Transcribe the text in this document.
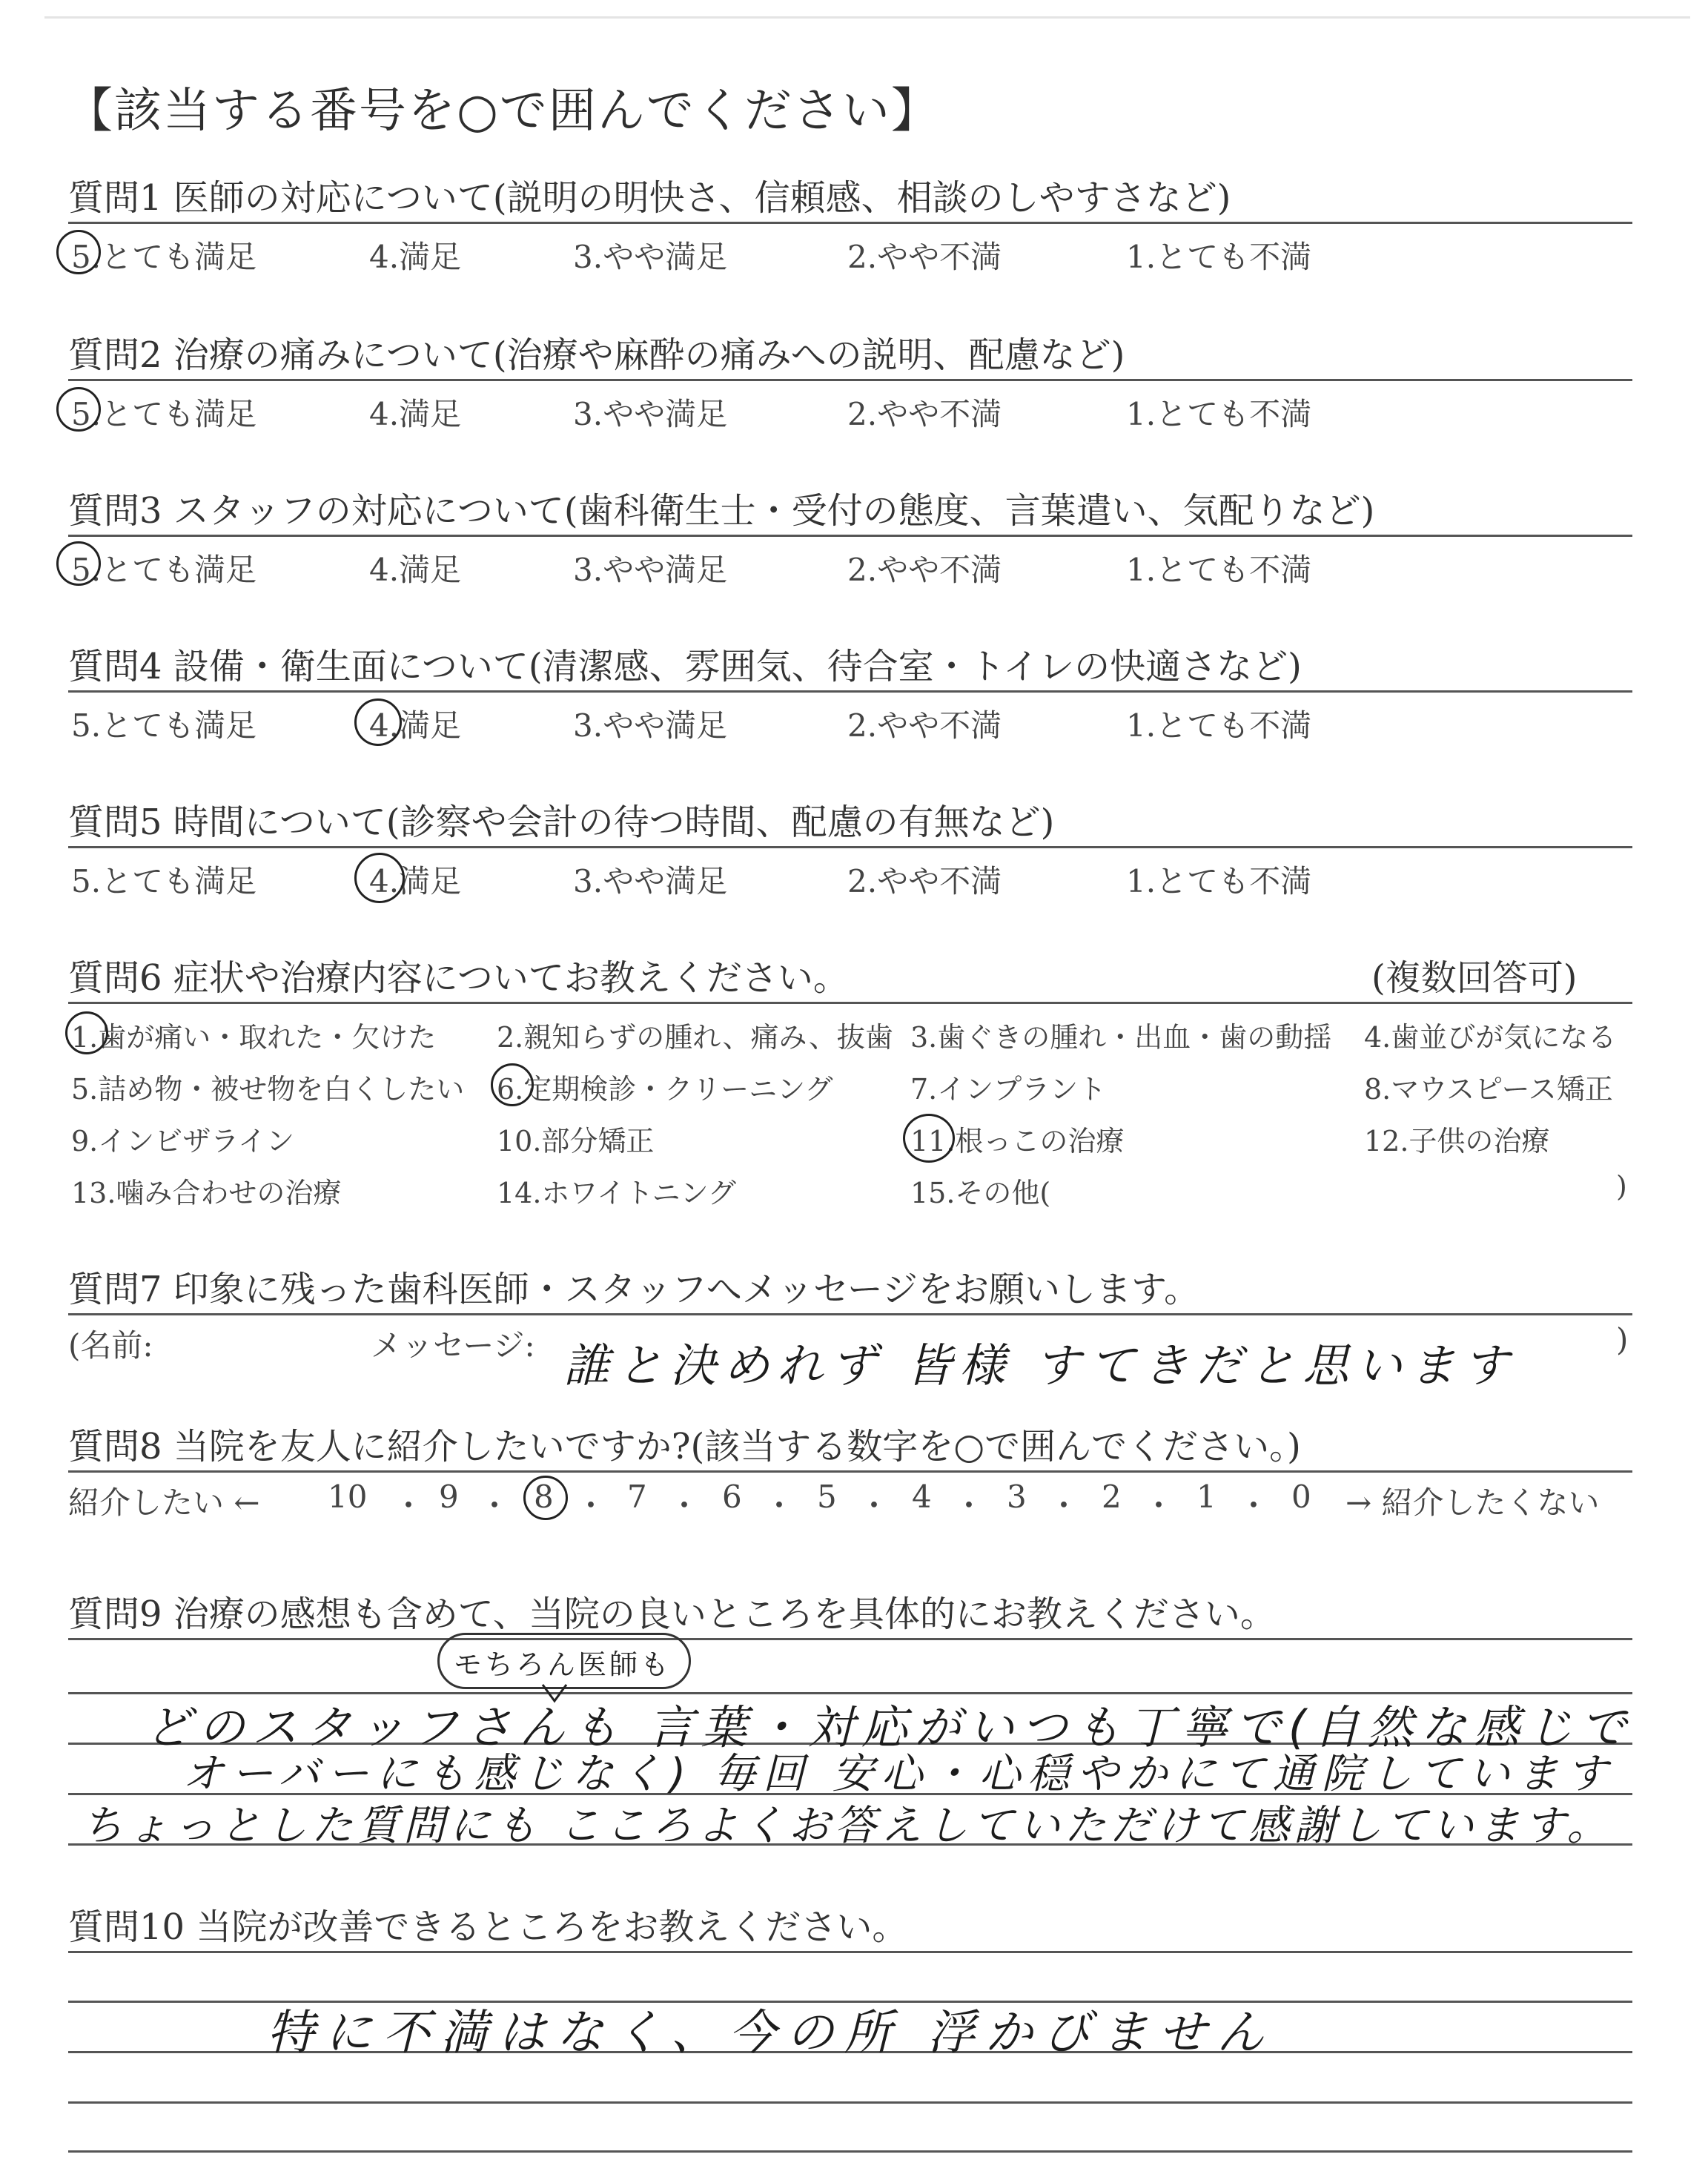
【該当する番号を○で囲んでください】
質問1 医師の対応について(説明の明快さ、信頼感、相談のしやすさなど)
5.とても満足	4.満足	3.やや満足	2.やや不満	1.とても不満
質問2 治療の痛みについて(治療や麻酔の痛みへの説明、配慮など)
5.とても満足	4.満足	3.やや満足	2.やや不満	1.とても不満
質問3 スタッフの対応について(歯科衛生士・受付の態度、言葉遣い、気配りなど)
5.とても満足	4.満足	3.やや満足	2.やや不満	1.とても不満
質問4 設備・衛生面について(清潔感、雰囲気、待合室・トイレの快適さなど)
5.とても満足	4.満足	3.やや満足	2.やや不満	1.とても不満
質問5 時間について(診察や会計の待つ時間、配慮の有無など)
5.とても満足	4.満足	3.やや満足	2.やや不満	1.とても不満
質問6 症状や治療内容についてお教えください。	(複数回答可)
1.歯が痛い・取れた・欠けた 2.親知らずの腫れ、痛み、抜歯 3.歯ぐきの腫れ・出血・歯の動揺 4.歯並びが気になる
5.詰め物・被せ物を白くしたい 6.定期検診・クリーニング	7.インプラント	8.マウスピース矯正
9.インビザライン	10.部分矯正	11.根っこの治療	12.子供の治療
13.噛み合わせの治療	14.ホワイトニング	15.その他(	)
質問7 印象に残った歯科医師・スタッフへメッセージをお願いします。
(名前:	メッセージ:	)
誰と決めれず 皆様 すてきだと思います
質問8 当院を友人に紹介したいですか?(該当する数字を○で囲んでください。)
紹介したい ←	→ 紹介したくない
10 ・ 9 ・ 8 ・ 7 ・ 6 ・ 5 ・ 4 ・ 3 ・ 2 ・ 1 ・ 0
質問9 治療の感想も含めて、当院の良いところを具体的にお教えください。
モちろん医師も
どのスタッフさんも 言葉・対応がいつも丁寧で(自然な感じで
オーバーにも感じなく) 毎回 安心・心穏やかにて通院しています
ちょっとした質問にも こころよくお答えしていただけて感謝しています。
質問10 当院が改善できるところをお教えください。
特に不満はなく、今の所 浮かびません
